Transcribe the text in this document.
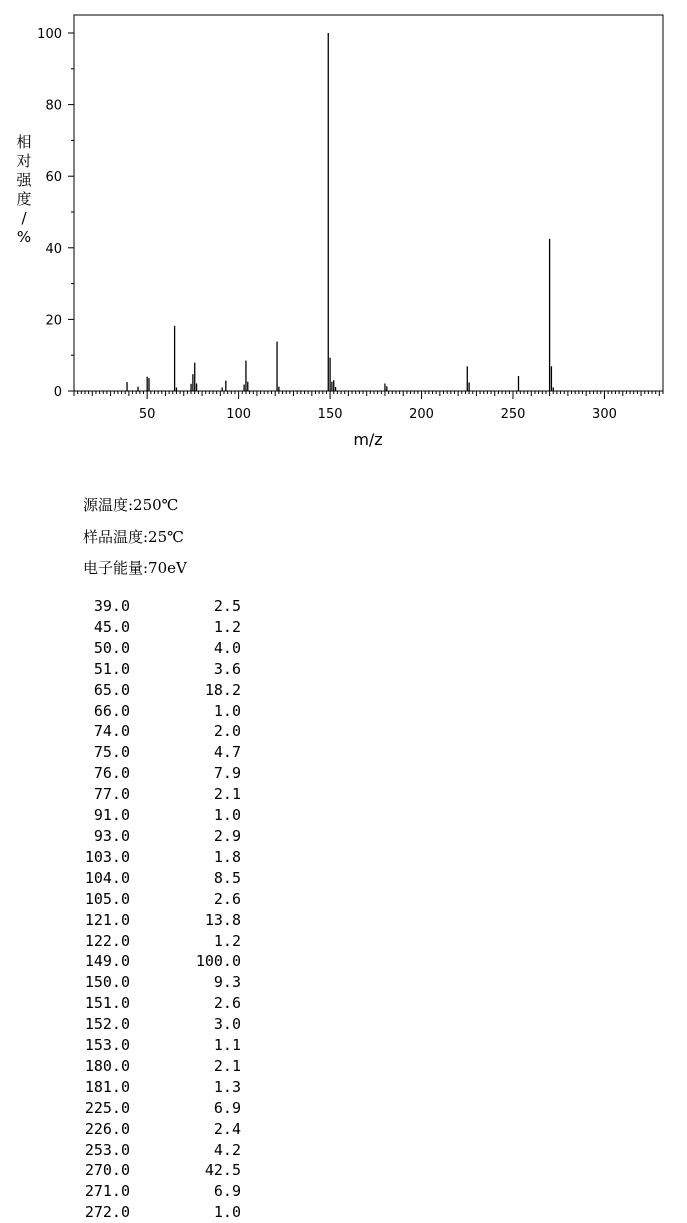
50	100	150	200	250	300
0
20
40
60
80
100
m/z
相
对
强
度
/
%
源温度:250℃
样品温度:25℃
电子能量:70eV
39.0	2.5
45.0	1.2
50.0	4.0
51.0	3.6
65.0	18.2
66.0	1.0
74.0	2.0
75.0	4.7
76.0	7.9
77.0	2.1
91.0	1.0
93.0	2.9
103.0	1.8
104.0	8.5
105.0	2.6
121.0	13.8
122.0	1.2
149.0	100.0
150.0	9.3
151.0	2.6
152.0	3.0
153.0	1.1
180.0	2.1
181.0	1.3
225.0	6.9
226.0	2.4
253.0	4.2
270.0	42.5
271.0	6.9
272.0	1.0
